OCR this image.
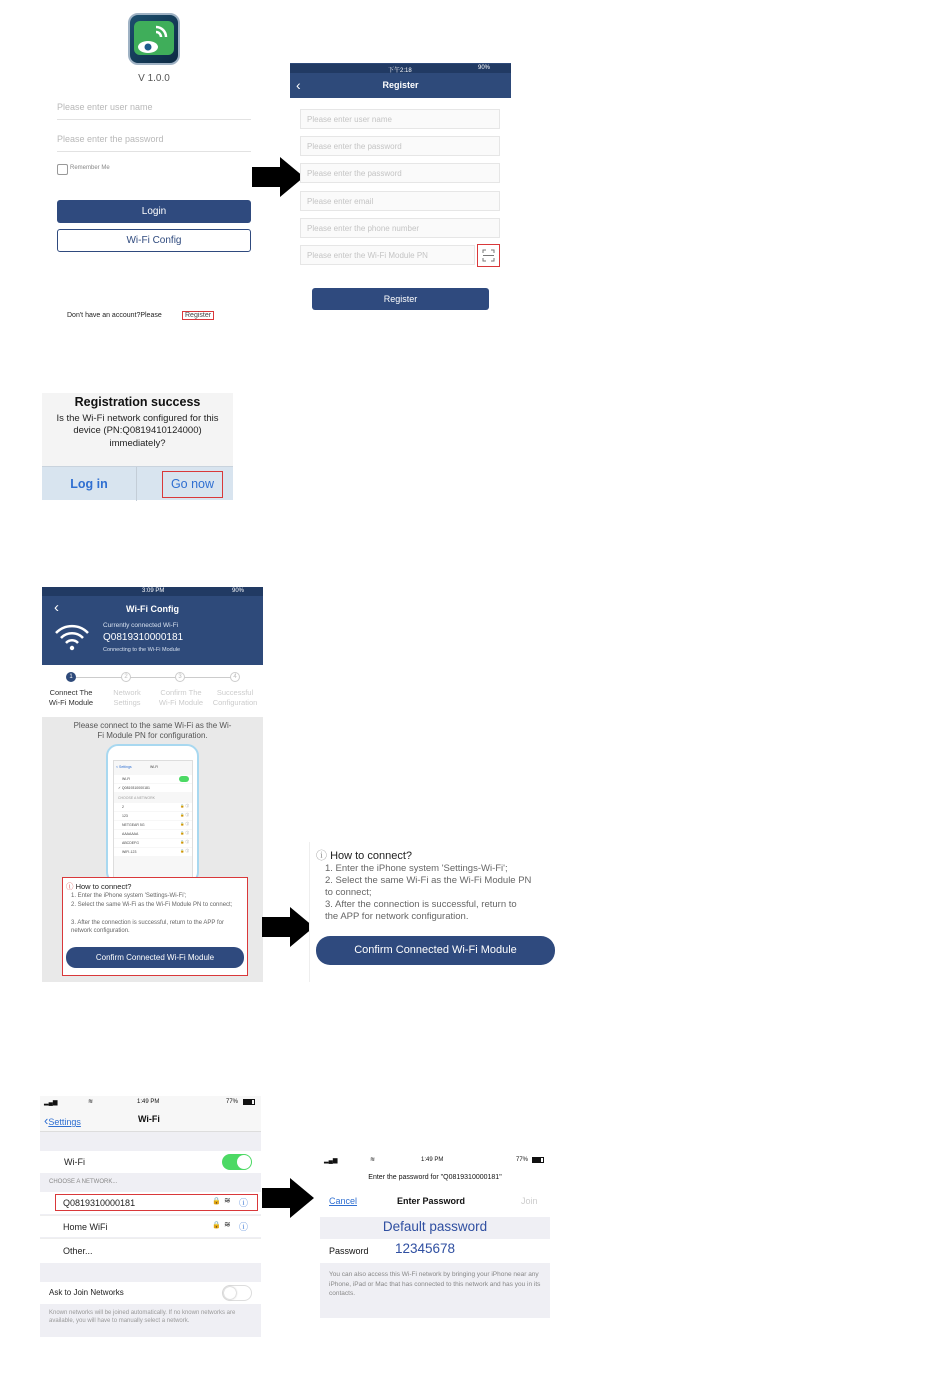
V 1.0.0
Please enter user name
Please enter the password
Remember Me
Login
Wi-Fi Config
Don't have an account?Please	Register
下午2:18	90%
‹	Register
Please enter user name
Please enter the password
Please enter the password
Please enter email
Please enter the phone number
Please enter the Wi-Fi Module PN
Register
Registration success
Is the Wi-Fi network configured for this
device (PN:Q0819410124000)
immediately?
Log in	Go now
3:09 PM	90%
‹	Wi-Fi Config
Currently connected Wi-Fi
Q0819310000181
Connecting to the Wi-Fi Module
1	2	3	4
Connect The
Wi-Fi Module
Network
Settings
Confirm The
Wi-Fi Module
Successful
Configuration
Please connect to the same Wi-Fi as the Wi-
Fi Module PN for configuration.
< Settings	Wi-Fi
Wi-Fi
✓ Q0819310000181
CHOOSE A NETWORK
2	🔒 ⓘ
123	🔒 ⓘ
NETGEAR 5G	🔒 ⓘ
AAAAAAA	🔒 ⓘ
ABCDEFG	🔒 ⓘ
WIFI-123	🔒 ⓘ
ⓘ How to connect?
1. Enter the iPhone system 'Settings-Wi-Fi';
2. Select the same Wi-Fi as the Wi-Fi Module PN to connect;
3. After the connection is successful, return to the APP for network configuration.
Confirm Connected Wi-Fi Module
ⓘ How to connect?
1. Enter the iPhone system 'Settings-Wi-Fi';
2. Select the same Wi-Fi as the Wi-Fi Module PN
to connect;
3. After the connection is successful, return to
the APP for network configuration.
Confirm Connected Wi-Fi Module
▂▄▆	≋	1:49 PM	77%
‹Settings	Wi-Fi
Wi-Fi
CHOOSE A NETWORK...
Q0819310000181	🔒 ≋ ⓘ
Home WiFi	🔒 ≋ ⓘ
Other...
Ask to Join Networks
Known networks will be joined automatically. If no known networks are available, you will have to manually select a network.
▂▄▆	≋	1:49 PM	77%
Enter the password for "Q0819310000181"
Cancel	Enter Password	Join
Default password
Password 12345678
You can also access this Wi-Fi network by bringing your iPhone near any iPhone, iPad or Mac that has connected to this network and has you in its contacts.
